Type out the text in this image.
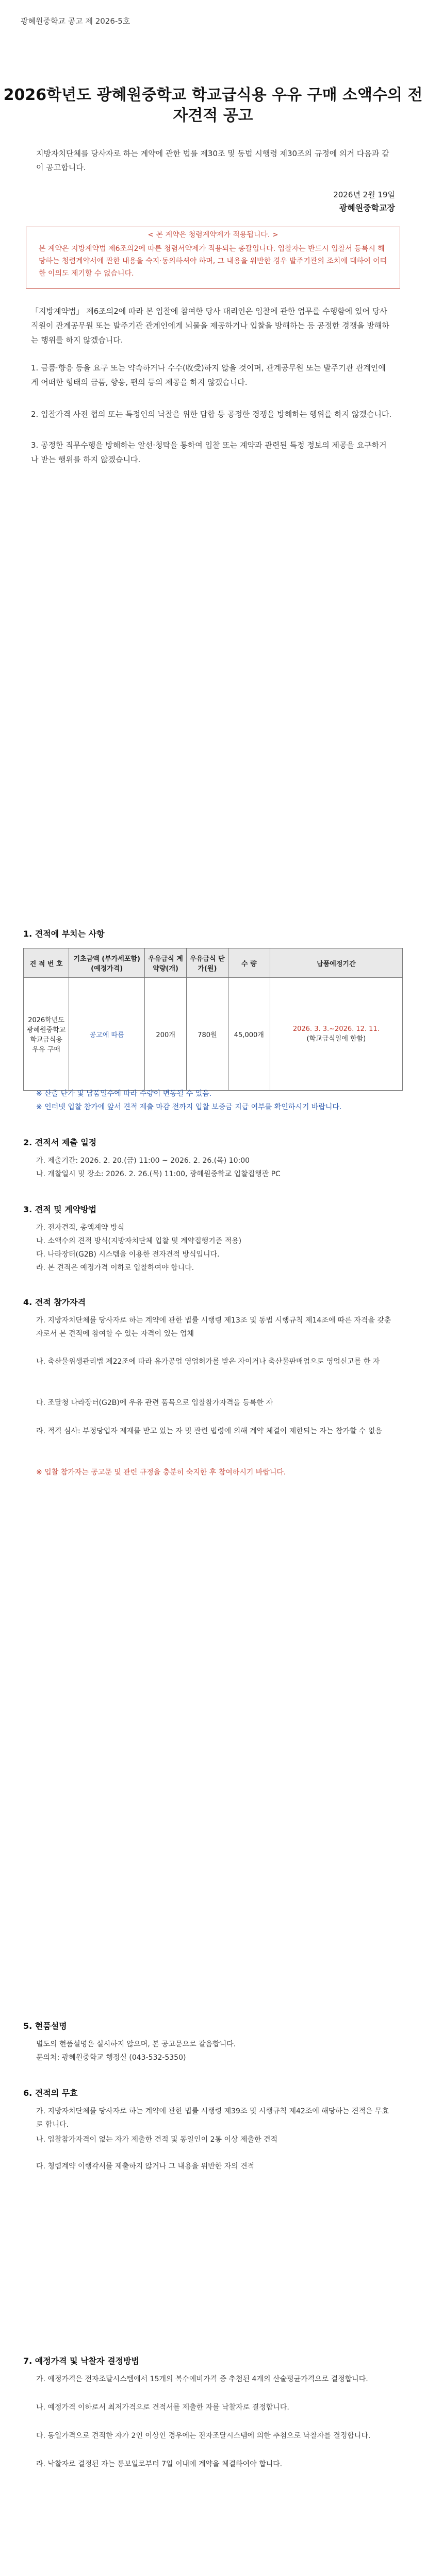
광혜원중학교 공고 제 2026-5호
2026학년도 광혜원중학교 학교급식용 우유 구매 소액수의 전자견적 공고
지방자치단체를 당사자로 하는 계약에 관한 법률 제30조 및 동법 시행령 제30조의 규정에 의거 다음과 같이 공고합니다.
2026년 2월 19일
광혜원중학교장
< 본 계약은 청렴계약제가 적용됩니다. >
본 계약은 지방계약법 제6조의2에 따른 청렴서약제가 적용되는 총괄입니다. 입찰자는 반드시 입찰서 등록시 해당하는 청렴계약서에 관한 내용을 숙지·동의하셔야 하며, 그 내용을 위반한 경우 발주기관의 조치에 대하여 어떠한 이의도 제기할 수 없습니다.
「지방계약법」 제6조의2에 따라 본 입찰에 참여한 당사 대리인은 입찰에 관한 업무를 수행함에 있어 당사 직원이 관계공무원 또는 발주기관 관계인에게 뇌물을 제공하거나 입찰을 방해하는 등 공정한 경쟁을 방해하는 행위를 하지 않겠습니다.
1. 금품·향응 등을 요구 또는 약속하거나 수수(收受)하지 않을 것이며, 관계공무원 또는 발주기관 관계인에게 어떠한 형태의 금품, 향응, 편의 등의 제공을 하지 않겠습니다.
2. 입찰가격 사전 협의 또는 특정인의 낙찰을 위한 담합 등 공정한 경쟁을 방해하는 행위를 하지 않겠습니다.
3. 공정한 직무수행을 방해하는 알선·청탁을 통하여 입찰 또는 계약과 관련된 특정 정보의 제공을 요구하거나 받는 행위를 하지 않겠습니다.
1. 견적에 부치는 사항
견 적 번 호	기초금액 (부가세포함) (예정가격)	우유급식 계약량(개)	우유급식 단가(원)	수 량	납품예정기간
2026학년도 광혜원중학교 학교급식용 우유 구매	공고에 따름	200개	780원	45,000개	2026. 3. 3.~2026. 12. 11.
(학교급식일에 한함)
※ 산출 단가 및 납품일수에 따라 수량이 변동될 수 있음.
※ 인터넷 입찰 참가에 앞서 견적 제출 마감 전까지 입찰 보증금 지급 여부를 확인하시기 바랍니다.
2. 견적서 제출 일정
가. 제출기간: 2026. 2. 20.(금) 11:00 ~ 2026. 2. 26.(목) 10:00
나. 개찰일시 및 장소: 2026. 2. 26.(목) 11:00, 광혜원중학교 입찰집행관 PC
3. 견적 및 계약방법
가. 전자견적, 총액계약 방식
나. 소액수의 견적 방식(지방자치단체 입찰 및 계약집행기준 적용)
다. 나라장터(G2B) 시스템을 이용한 전자견적 방식입니다.
라. 본 견적은 예정가격 이하로 입찰하여야 합니다.
4. 견적 참가자격
가. 지방자치단체를 당사자로 하는 계약에 관한 법률 시행령 제13조 및 동법 시행규칙 제14조에 따른 자격을 갖춘 자로서 본 견적에 참여할 수 있는 자격이 있는 업체
나. 축산물위생관리법 제22조에 따라 유가공업 영업허가를 받은 자이거나 축산물판매업으로 영업신고를 한 자
다. 조달청 나라장터(G2B)에 우유 관련 품목으로 입찰참가자격을 등록한 자
라. 적격 심사: 부정당업자 제재를 받고 있는 자 및 관련 법령에 의해 계약 체결이 제한되는 자는 참가할 수 없음
※ 입찰 참가자는 공고문 및 관련 규정을 충분히 숙지한 후 참여하시기 바랍니다.
5. 현품설명
별도의 현품설명은 실시하지 않으며, 본 공고문으로 갈음합니다.
문의처: 광혜원중학교 행정실 (043-532-5350)
6. 견적의 무효
가. 지방자치단체를 당사자로 하는 계약에 관한 법률 시행령 제39조 및 시행규칙 제42조에 해당하는 견적은 무효로 합니다.
나. 입찰참가자격이 없는 자가 제출한 견적 및 동일인이 2통 이상 제출한 견적
다. 청렴계약 이행각서를 제출하지 않거나 그 내용을 위반한 자의 견적
7. 예정가격 및 낙찰자 결정방법
가. 예정가격은 전자조달시스템에서 15개의 복수예비가격 중 추첨된 4개의 산술평균가격으로 결정합니다.
나. 예정가격 이하로서 최저가격으로 견적서를 제출한 자를 낙찰자로 결정합니다.
다. 동일가격으로 견적한 자가 2인 이상인 경우에는 전자조달시스템에 의한 추첨으로 낙찰자를 결정합니다.
라. 낙찰자로 결정된 자는 통보일로부터 7일 이내에 계약을 체결하여야 합니다.
